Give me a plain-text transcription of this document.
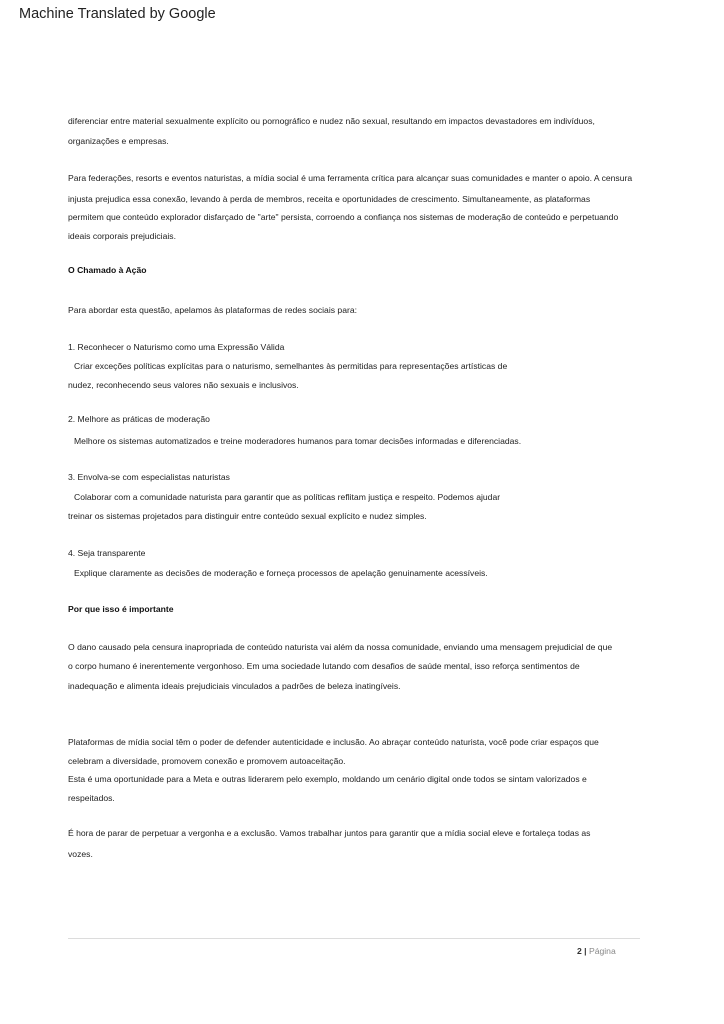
Machine Translated by Google
diferenciar entre material sexualmente explícito ou pornográfico e nudez não sexual, resultando em impactos devastadores em indivíduos,
organizações e empresas.
Para federações, resorts e eventos naturistas, a mídia social é uma ferramenta crítica para alcançar suas comunidades e manter o apoio. A censura
injusta prejudica essa conexão, levando à perda de membros, receita e oportunidades de crescimento. Simultaneamente, as plataformas
permitem que conteúdo explorador disfarçado de "arte" persista, corroendo a confiança nos sistemas de moderação de conteúdo e perpetuando
ideais corporais prejudiciais.
O Chamado à Ação
Para abordar esta questão, apelamos às plataformas de redes sociais para:
1. Reconhecer o Naturismo como uma Expressão Válida
Criar exceções políticas explícitas para o naturismo, semelhantes às permitidas para representações artísticas de
nudez, reconhecendo seus valores não sexuais e inclusivos.
2. Melhore as práticas de moderação
Melhore os sistemas automatizados e treine moderadores humanos para tomar decisões informadas e diferenciadas.
3. Envolva-se com especialistas naturistas
Colaborar com a comunidade naturista para garantir que as políticas reflitam justiça e respeito. Podemos ajudar
treinar os sistemas projetados para distinguir entre conteúdo sexual explícito e nudez simples.
4. Seja transparente
Explique claramente as decisões de moderação e forneça processos de apelação genuinamente acessíveis.
Por que isso é importante
O dano causado pela censura inapropriada de conteúdo naturista vai além da nossa comunidade, enviando uma mensagem prejudicial de que
o corpo humano é inerentemente vergonhoso. Em uma sociedade lutando com desafios de saúde mental, isso reforça sentimentos de
inadequação e alimenta ideais prejudiciais vinculados a padrões de beleza inatingíveis.
Plataformas de mídia social têm o poder de defender autenticidade e inclusão. Ao abraçar conteúdo naturista, você pode criar espaços que
celebram a diversidade, promovem conexão e promovem autoaceitação.
Esta é uma oportunidade para a Meta e outras liderarem pelo exemplo, moldando um cenário digital onde todos se sintam valorizados e
respeitados.
É hora de parar de perpetuar a vergonha e a exclusão. Vamos trabalhar juntos para garantir que a mídia social eleve e fortaleça todas as
vozes.
2 | Página
